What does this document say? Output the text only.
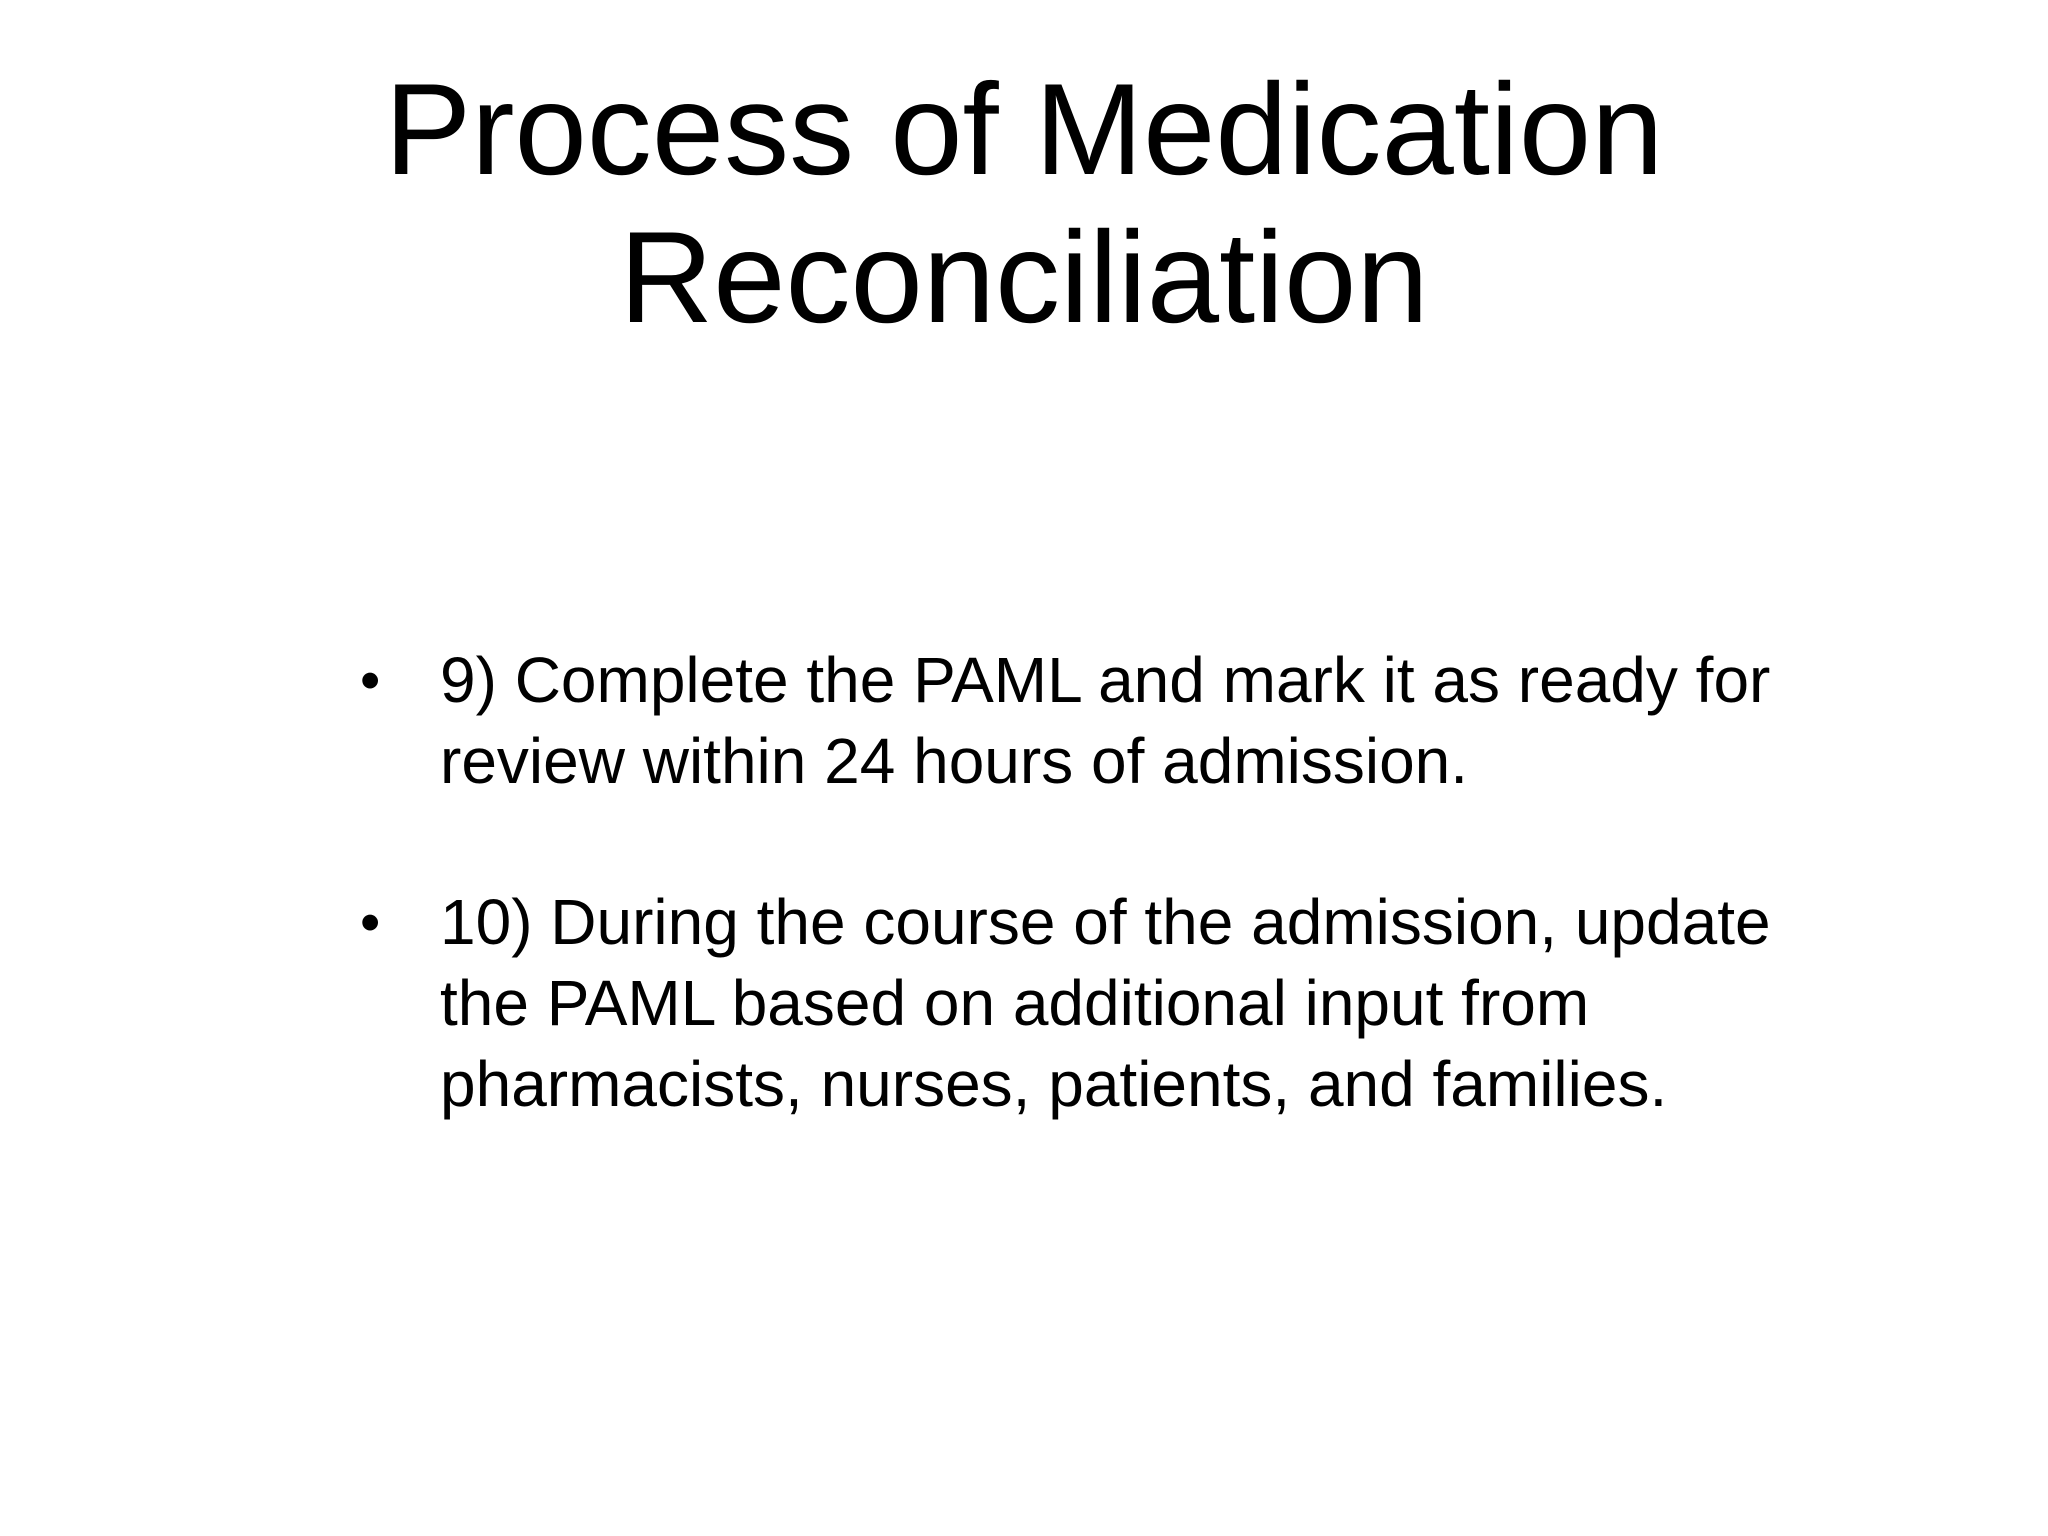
Process of Medication
Reconciliation
• 9) Complete the PAML and mark it as ready for review within 24 hours of admission.
• 10) During the course of the admission, update the PAML based on additional input from pharmacists, nurses, patients, and families.
